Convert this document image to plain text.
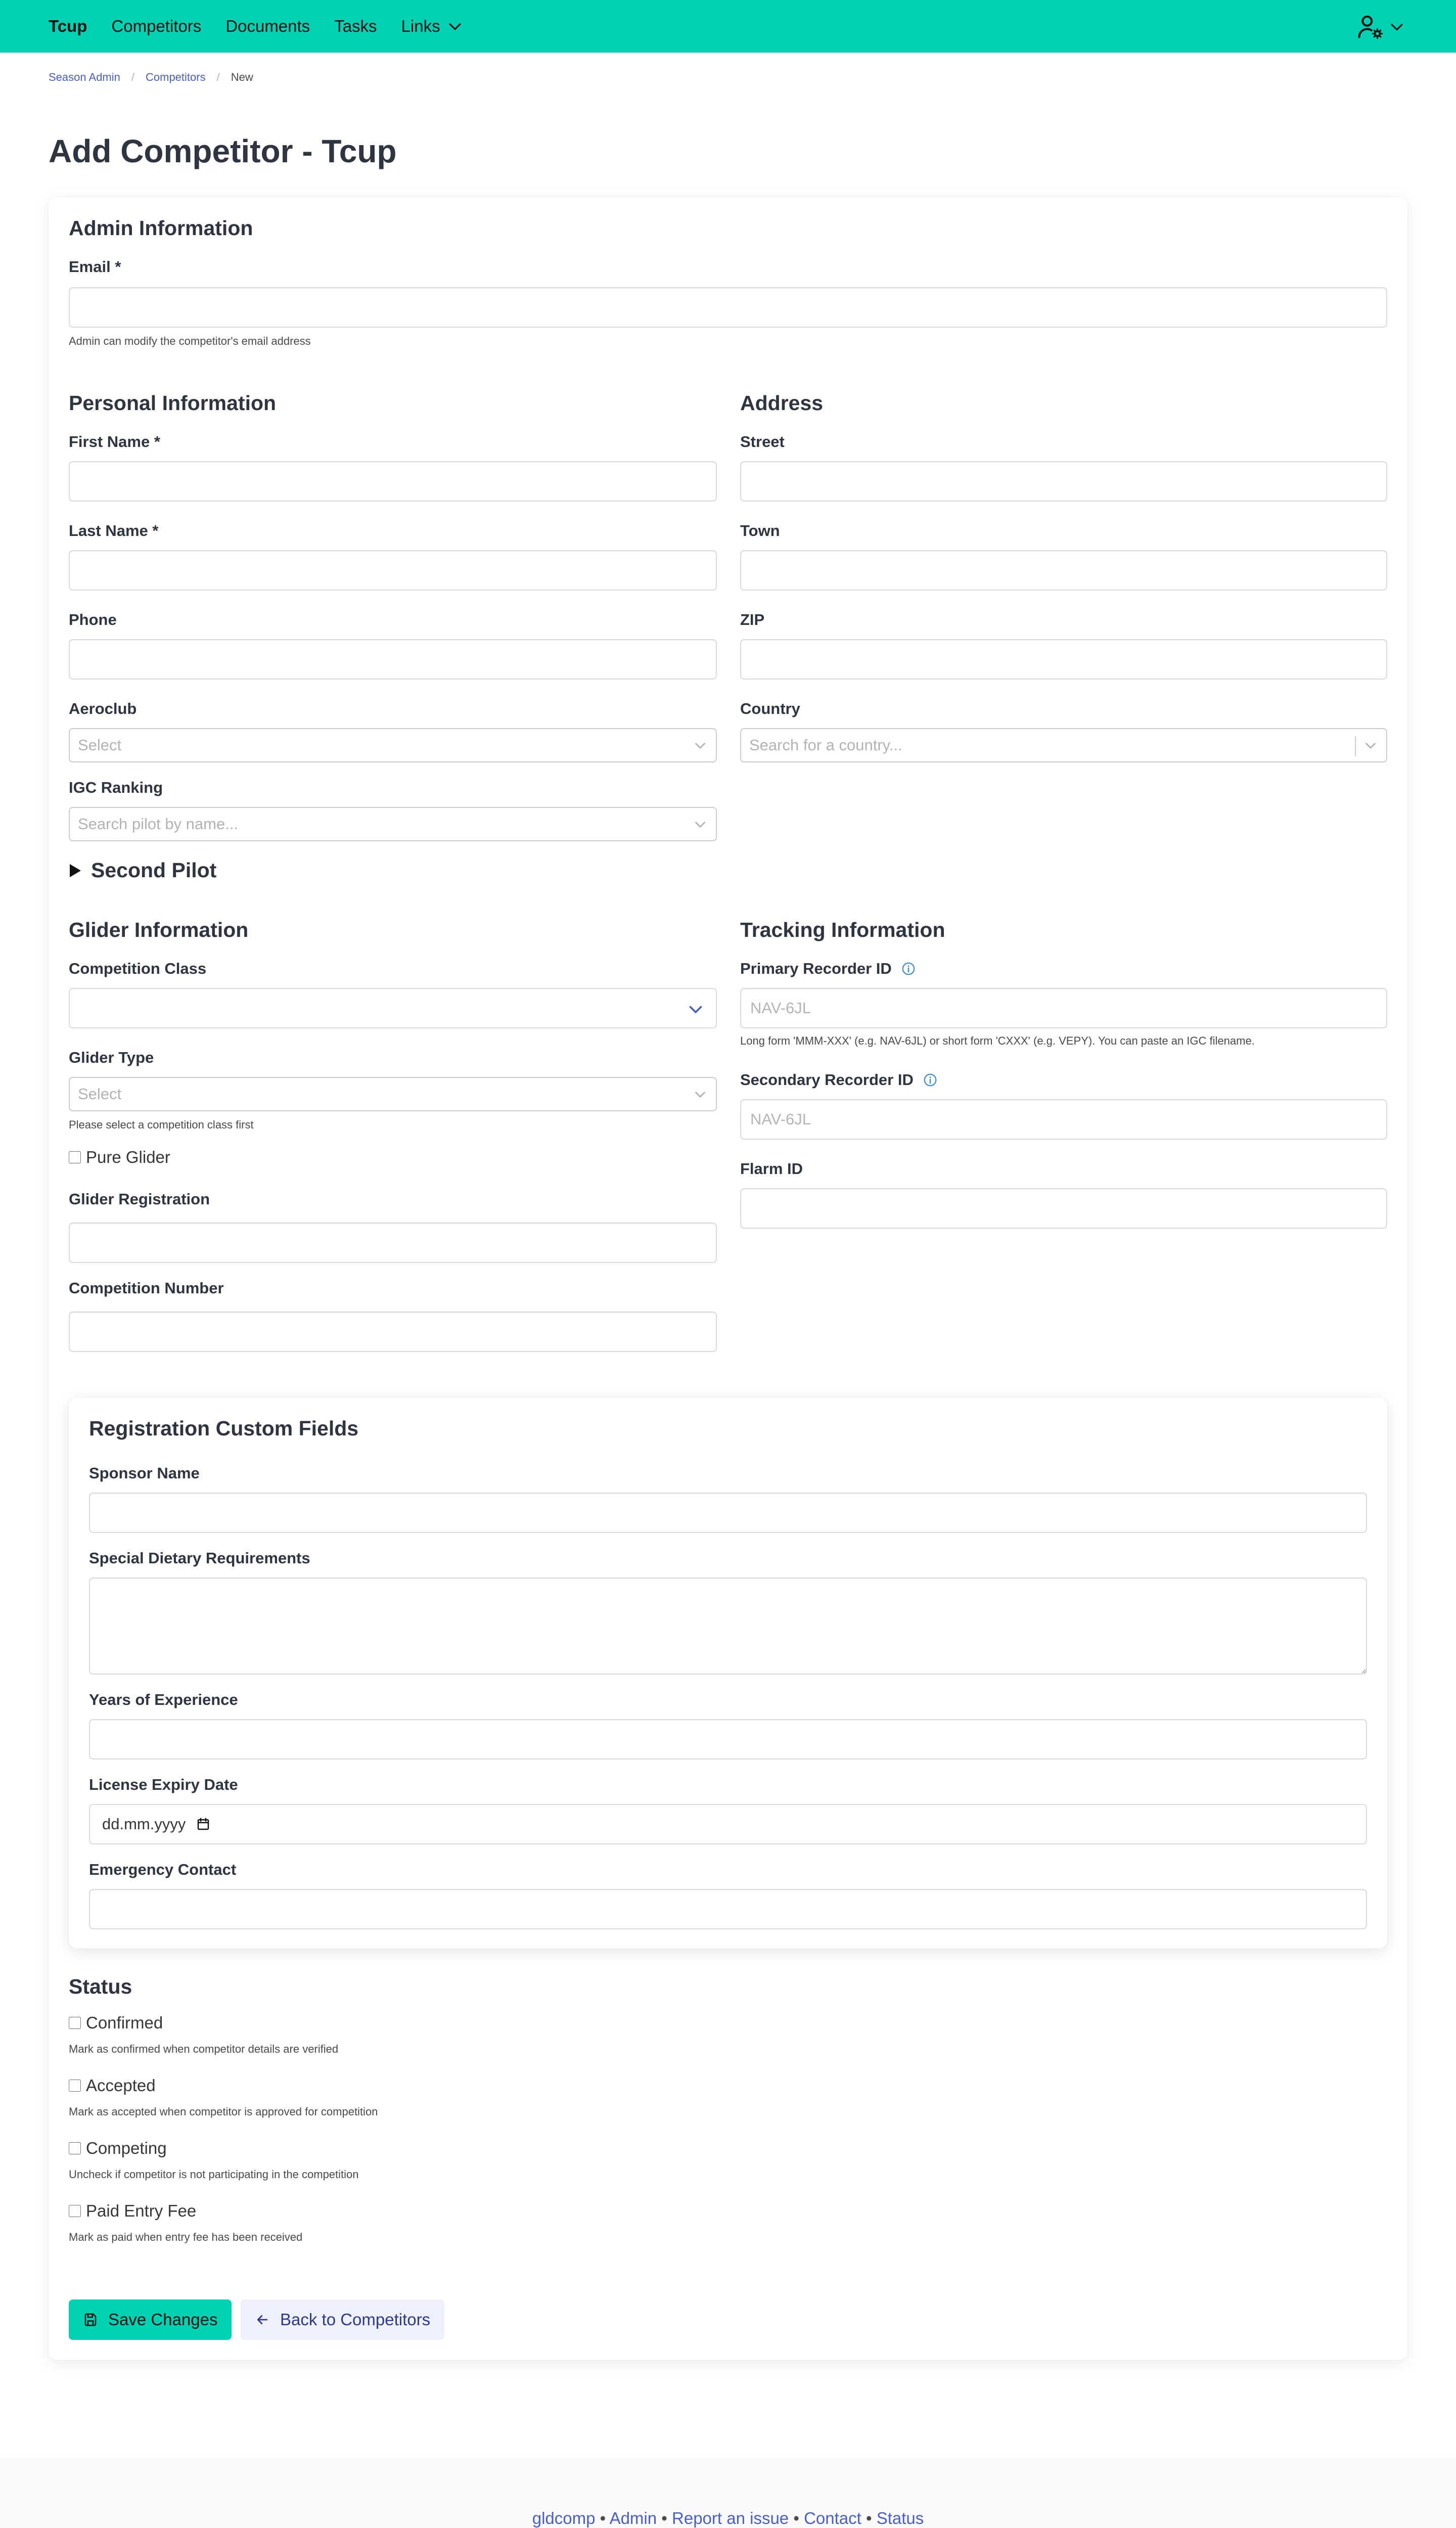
Tcup Competitors Documents Tasks Links
Season Admin / Competitors / New
Add Competitor - Tcup
Admin Information
Email *
Admin can modify the competitor's email address
Personal Information
First Name *
Last Name *
Phone
Aeroclub
Select
IGC Ranking
Search pilot by name...
Second Pilot
Address
Street
Town
ZIP
Country
Search for a country...
Glider Information
Competition Class
Glider Type
Select
Please select a competition class first
Pure Glider
Glider Registration
Competition Number
Tracking Information
Primary Recorder ID
NAV-6JL
Long form 'MMM-XXX' (e.g. NAV-6JL) or short form 'CXXX' (e.g. VEPY). You can paste an IGC filename.
Secondary Recorder ID
NAV-6JL
Flarm ID
Registration Custom Fields
Sponsor Name
Special Dietary Requirements
Years of Experience
License Expiry Date
dd.mm.yyyy
Emergency Contact
Status
Confirmed
Mark as confirmed when competitor details are verified
Accepted
Mark as accepted when competitor is approved for competition
Competing
Uncheck if competitor is not participating in the competition
Paid Entry Fee
Mark as paid when entry fee has been received
Save Changes	Back to Competitors
gldcomp • Admin • Report an issue • Contact • Status
